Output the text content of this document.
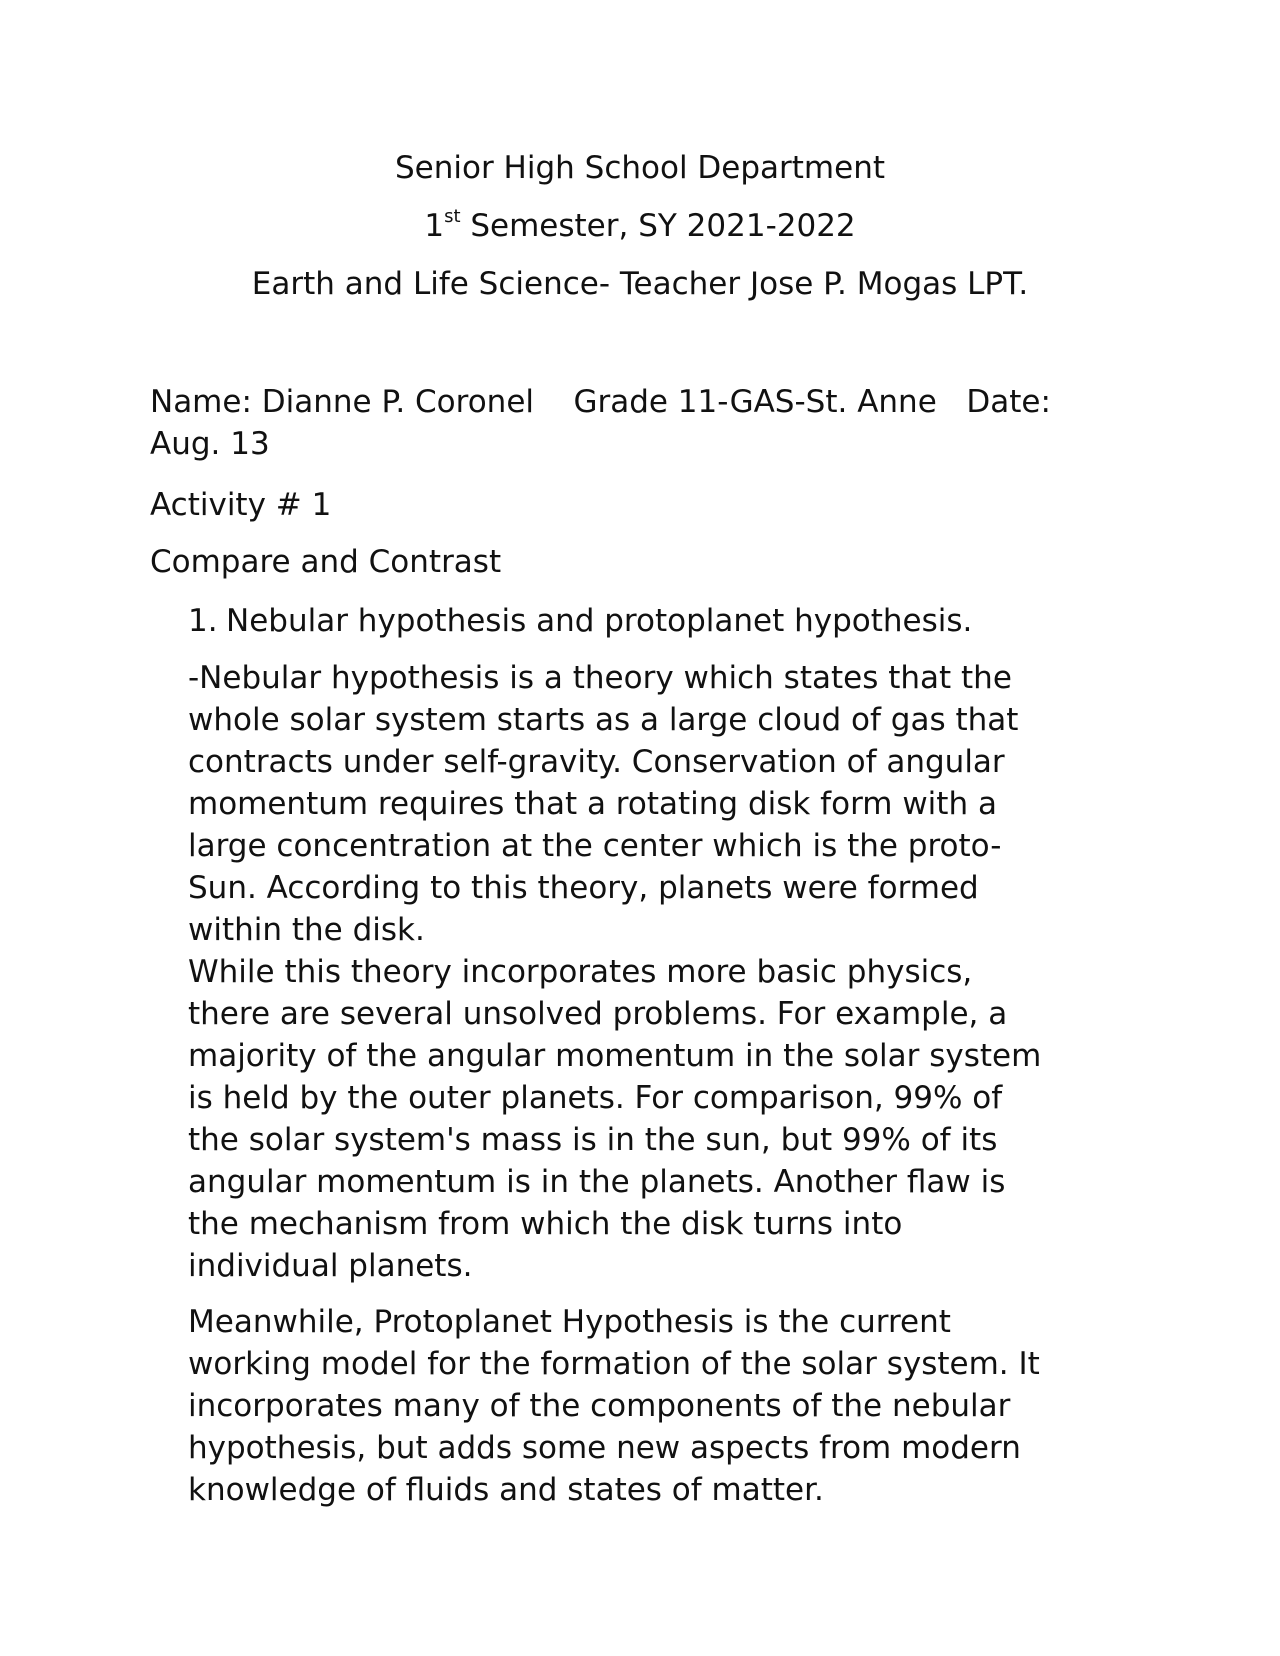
Senior High School Department
1st Semester, SY 2021-2022
Earth and Life Science- Teacher Jose P. Mogas LPT.
Name: Dianne P. Coronel Grade 11-GAS-St. Anne Date:
Aug. 13
Activity # 1
Compare and Contrast
1. Nebular hypothesis and protoplanet hypothesis.
-Nebular hypothesis is a theory which states that the
whole solar system starts as a large cloud of gas that
contracts under self-gravity. Conservation of angular
momentum requires that a rotating disk form with a
large concentration at the center which is the proto-
Sun. According to this theory, planets were formed
within the disk.
While this theory incorporates more basic physics,
there are several unsolved problems. For example, a
majority of the angular momentum in the solar system
is held by the outer planets. For comparison, 99% of
the solar system's mass is in the sun, but 99% of its
angular momentum is in the planets. Another flaw is
the mechanism from which the disk turns into
individual planets.
Meanwhile, Protoplanet Hypothesis is the current
working model for the formation of the solar system. It
incorporates many of the components of the nebular
hypothesis, but adds some new aspects from modern
knowledge of fluids and states of matter.
